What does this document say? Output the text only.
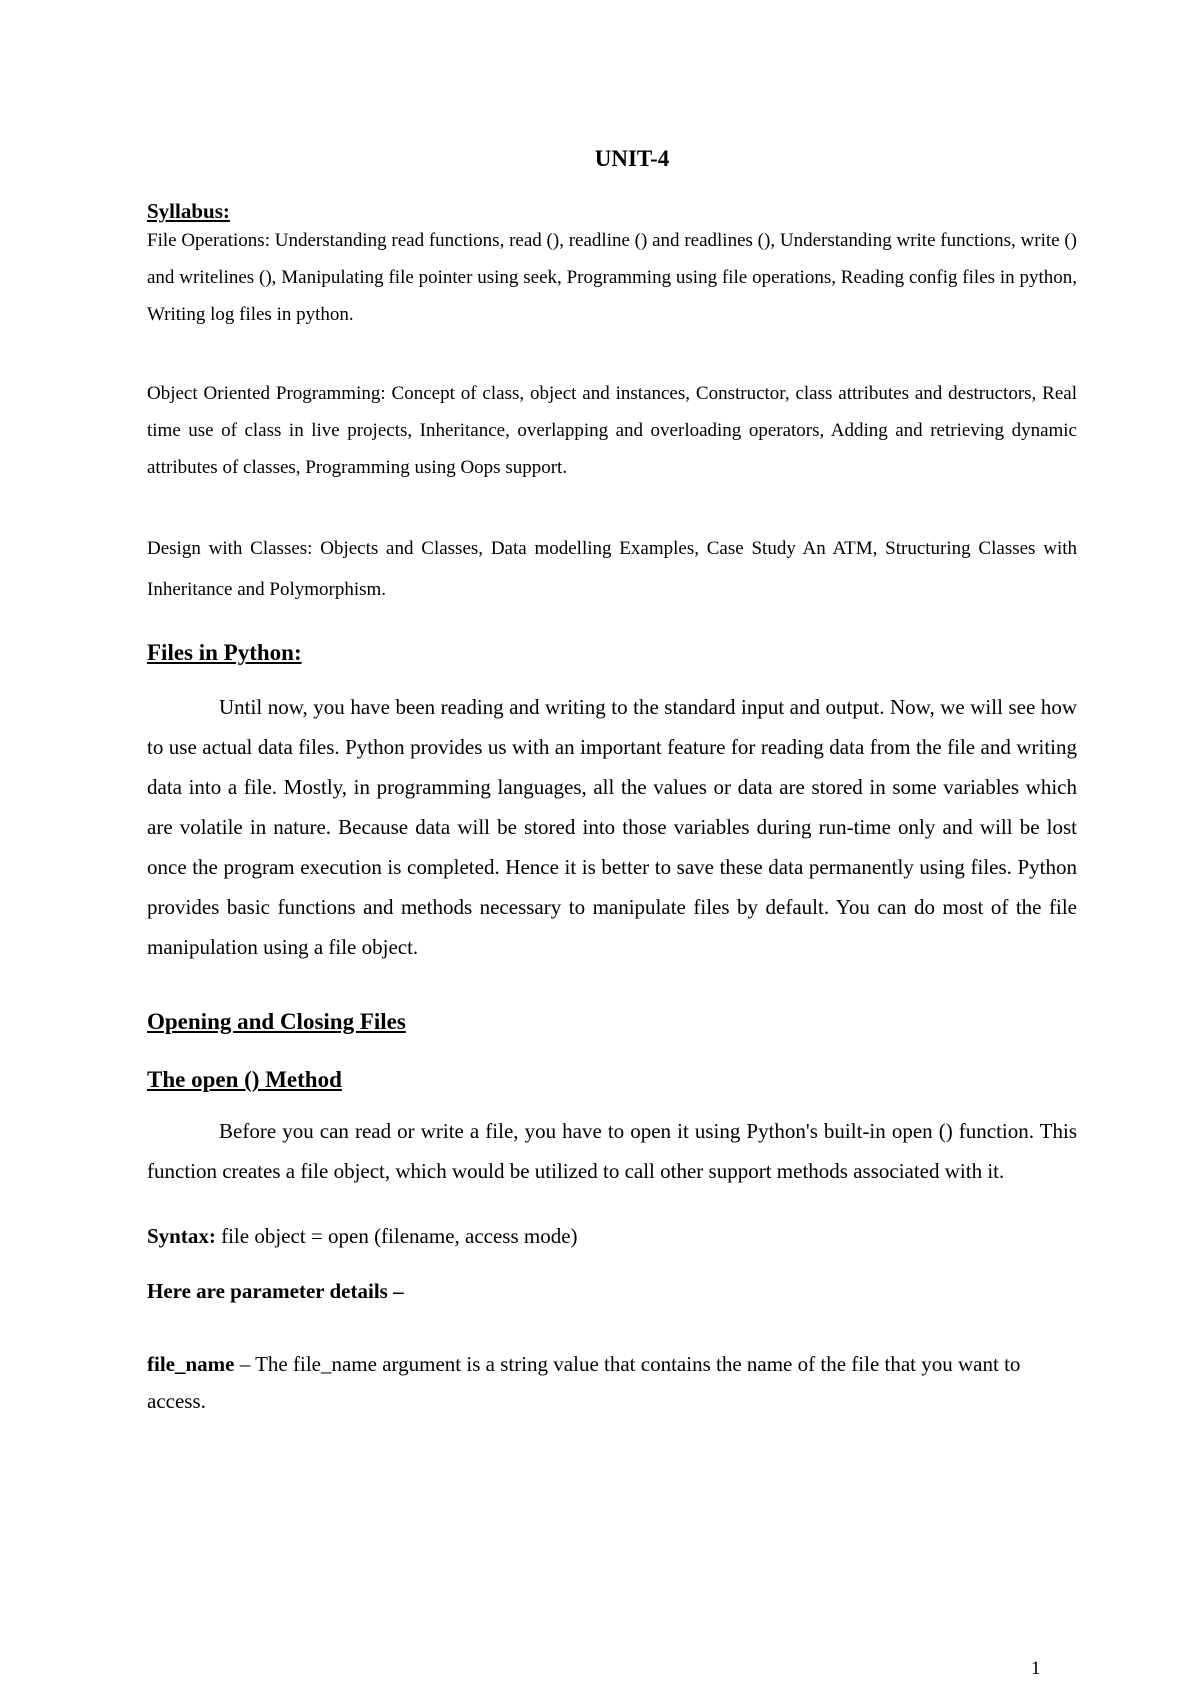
UNIT-4

Syllabus:

File Operations: Understanding read functions, read (), readline () and readlines (), Understanding write functions, write () and writelines (), Manipulating file pointer using seek, Programming using file operations, Reading config files in python, Writing log files in python.

Object Oriented Programming: Concept of class, object and instances, Constructor, class attributes and destructors, Real time use of class in live projects, Inheritance, overlapping and overloading operators, Adding and retrieving dynamic attributes of classes, Programming using Oops support.

Design with Classes: Objects and Classes, Data modelling Examples, Case Study An ATM, Structuring Classes with Inheritance and Polymorphism.

Files in Python:

Until now, you have been reading and writing to the standard input and output. Now, we will see how to use actual data files. Python provides us with an important feature for reading data from the file and writing data into a file. Mostly, in programming languages, all the values or data are stored in some variables which are volatile in nature. Because data will be stored into those variables during run-time only and will be lost once the program execution is completed. Hence it is better to save these data permanently using files. Python provides basic functions and methods necessary to manipulate files by default. You can do most of the file manipulation using a file object.

Opening and Closing Files
The open () Method

Before you can read or write a file, you have to open it using Python's built-in open () function. This function creates a file object, which would be utilized to call other support methods associated with it.

Syntax: file object = open (filename, access mode)

Here are parameter details –

file_name – The file_name argument is a string value that contains the name of the file that you want to access.

1
